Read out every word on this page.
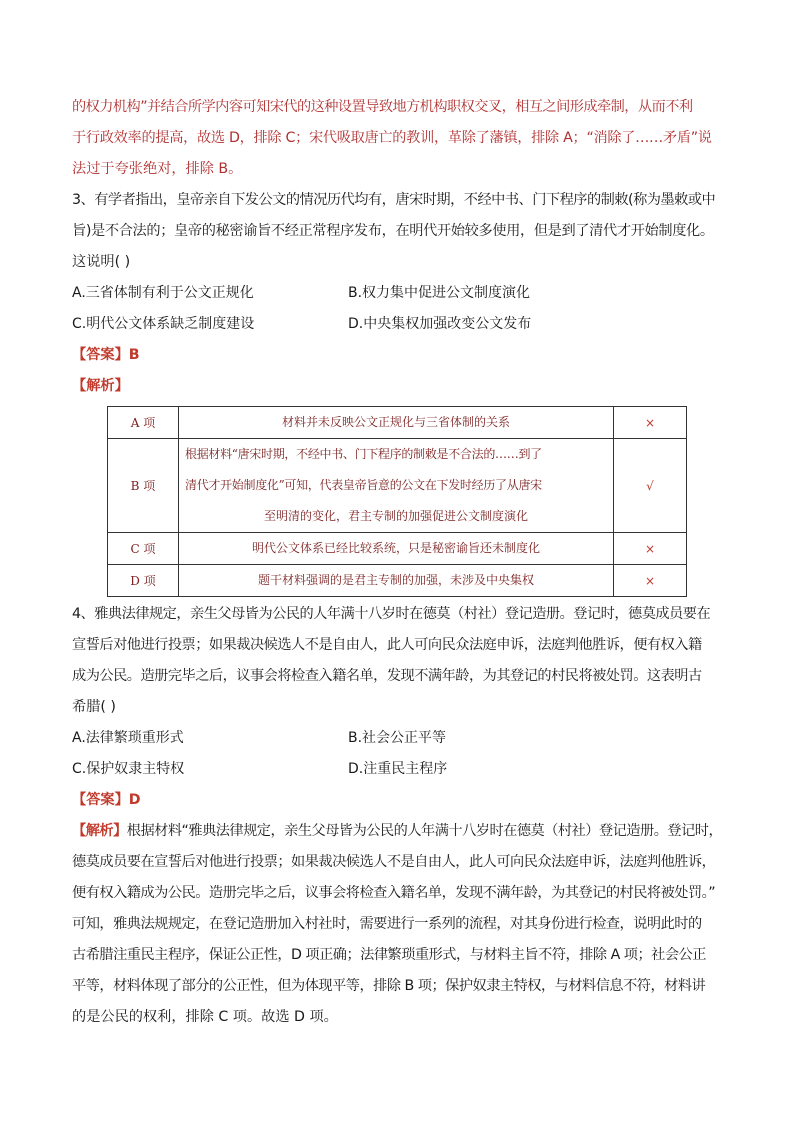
的权力机构”并结合所学内容可知宋代的这种设置导致地方机构职权交叉，相互之间形成牵制，从而不利
于行政效率的提高，故选 D，排除 C；宋代吸取唐亡的教训，革除了藩镇，排除 A；“消除了……矛盾”说
法过于夸张绝对，排除 B。
3、有学者指出，皇帝亲自下发公文的情况历代均有，唐宋时期，不经中书、门下程序的制敕(称为墨敕或中
旨)是不合法的；皇帝的秘密谕旨不经正常程序发布，在明代开始较多使用，但是到了清代才开始制度化。
这说明( )
A.三省体制有利于公文正规化	B.权力集中促进公文制度演化
C.明代公文体系缺乏制度建设	D.中央集权加强改变公文发布
【答案】B
【解析】
A 项	材料并未反映公文正规化与三省体制的关系	×
B 项	根据材料“唐宋时期，不经中书、门下程序的制敕是不合法的……到了
清代才开始制度化”可知，代表皇帝旨意的公文在下发时经历了从唐宋
至明清的变化，君主专制的加强促进公文制度演化	√
C 项	明代公文体系已经比较系统，只是秘密谕旨还未制度化	×
D 项	题干材料强调的是君主专制的加强，未涉及中央集权	×
4、雅典法律规定，亲生父母皆为公民的人年满十八岁时在德莫（村社）登记造册。登记时，德莫成员要在
宣誓后对他进行投票；如果裁决候选人不是自由人，此人可向民众法庭申诉，法庭判他胜诉，便有权入籍
成为公民。造册完毕之后，议事会将检查入籍名单，发现不满年龄，为其登记的村民将被处罚。这表明古
希腊( )
A.法律繁琐重形式	B.社会公正平等
C.保护奴隶主特权	D.注重民主程序
【答案】D
【解析】根据材料“雅典法律规定，亲生父母皆为公民的人年满十八岁时在德莫（村社）登记造册。登记时，
德莫成员要在宣誓后对他进行投票；如果裁决候选人不是自由人，此人可向民众法庭申诉，法庭判他胜诉，
便有权入籍成为公民。造册完毕之后，议事会将检查入籍名单，发现不满年龄，为其登记的村民将被处罚。”
可知，雅典法规规定，在登记造册加入村社时，需要进行一系列的流程，对其身份进行检查，说明此时的
古希腊注重民主程序，保证公正性，D 项正确；法律繁琐重形式，与材料主旨不符，排除 A 项；社会公正
平等，材料体现了部分的公正性，但为体现平等，排除 B 项；保护奴隶主特权，与材料信息不符，材料讲
的是公民的权利，排除 C 项。故选 D 项。
